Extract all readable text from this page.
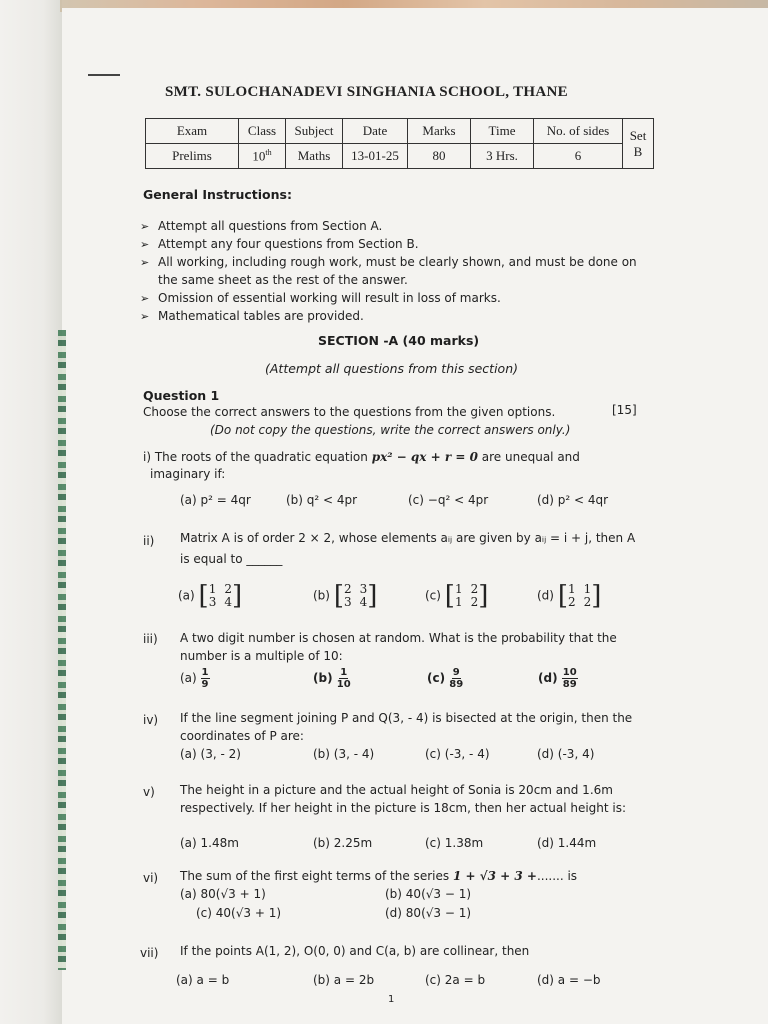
SMT. SULOCHANADEVI SINGHANIA SCHOOL, THANE
Exam	Class	Subject	Date	Marks	Time	No. of sides	Set
B

Prelims	10th	Maths	13-01-25	80	3 Hrs.	6	
General Instructions:
➢ Attempt all questions from Section A.
➢ Attempt any four questions from Section B.
➢ All working, including rough work, must be clearly shown, and must be done on
the same sheet as the rest of the answer.
➢ Omission of essential working will result in loss of marks.
➢ Mathematical tables are provided.
SECTION -A (40 marks)
(Attempt all questions from this section)
Question 1
Choose the correct answers to the questions from the given options.	[15]
(Do not copy the questions, write the correct answers only.)
i) The roots of the quadratic equation px² − qx + r = 0 are unequal and
imaginary if:
(a) p² = 4qr	(b) q² < 4pr	(c) −q² < 4pr	(d) p² < 4qr
ii) Matrix A is of order 2 × 2, whose elements aᵢⱼ are given by aᵢⱼ = i + j, then A
is equal to ______
(a) [ 1 2
3 4 ]	(b) [ 2 3
3 4 ]	(c) [ 1 2
1 2 ]	(d) [ 1 1
2 2 ]
iii) A two digit number is chosen at random. What is the probability that the
number is a multiple of 10:
$(a) \frac{1}{9}$	$(b) \frac{1}{10}$	$(c) \frac{9}{89}$	$(d) \frac{10}{89}$
iv) If the line segment joining P and Q(3, - 4) is bisected at the origin, then the
coordinates of P are:
(a) (3, - 2)	(b) (3, - 4)	(c) (-3, - 4)	(d) (-3, 4)
v) The height in a picture and the actual height of Sonia is 20cm and 1.6m
respectively. If her height in the picture is 18cm, then her actual height is:
(a) 1.48m	(b) 2.25m	(c) 1.38m	(d) 1.44m
vi) The sum of the first eight terms of the series 1 + √3 + 3 +....... is
(a) 80(√3 + 1)	(b) 40(√3 − 1)
(c) 40(√3 + 1)	(d) 80(√3 − 1)
vii) If the points A(1, 2), O(0, 0) and C(a, b) are collinear, then
(a) a = b	(b) a = 2b	(c) 2a = b	(d) a = −b
1
